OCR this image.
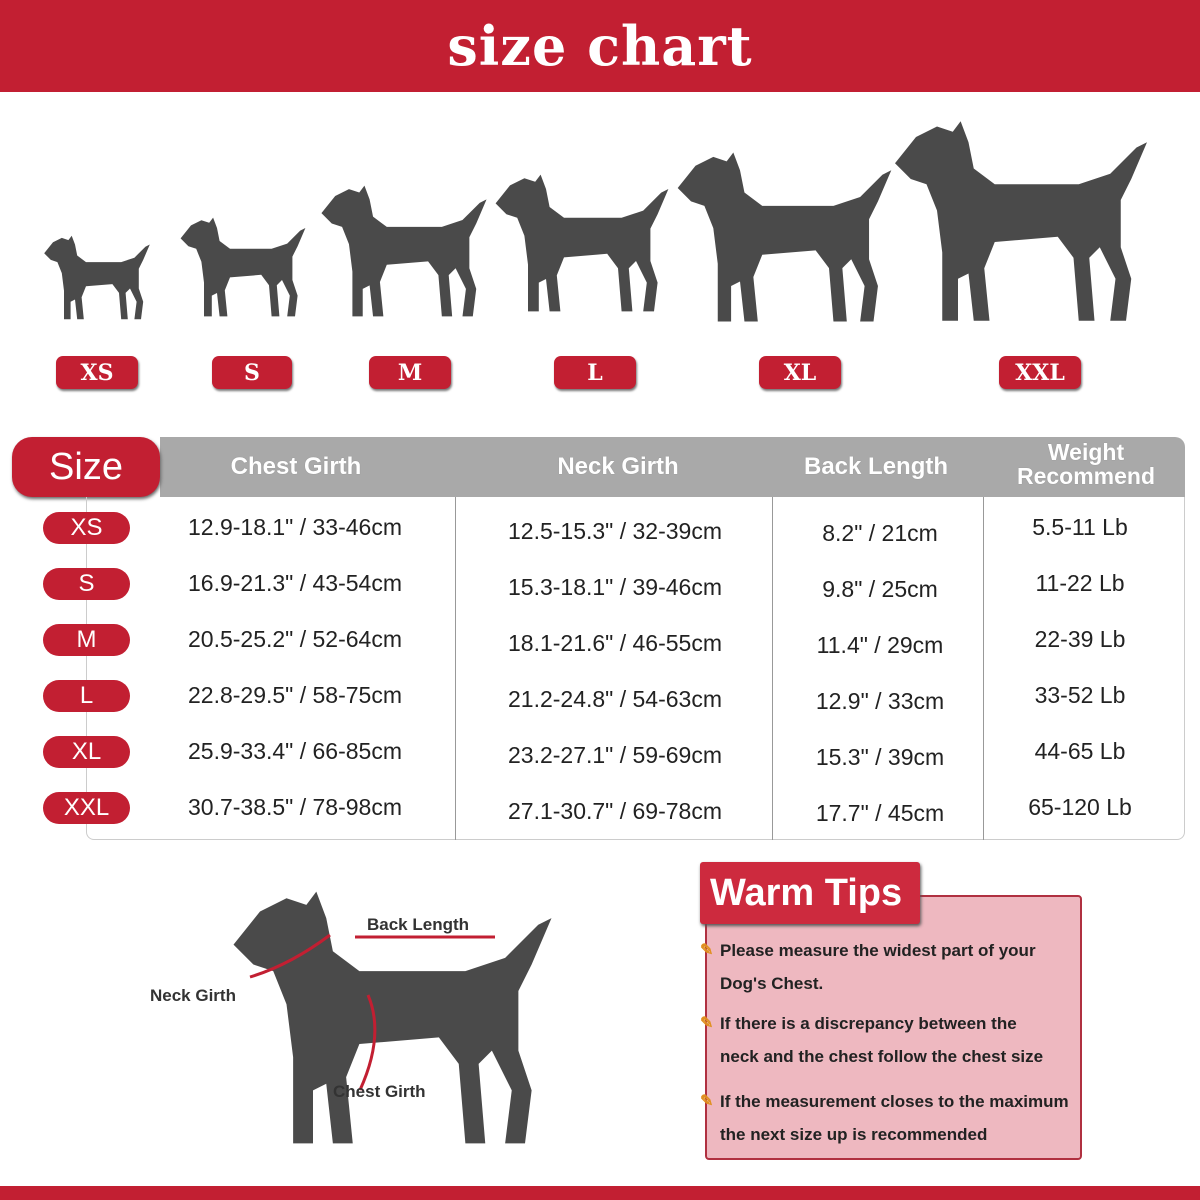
size chart
XS	S	M	L	XL	XXL
Size	Chest Girth	Neck Girth	Back Length
Weight
Recommend
XS	12.9-18.1" / 33-46cm	12.5-15.3" / 32-39cm	8.2" / 21cm	5.5-11 Lb
S	16.9-21.3" / 43-54cm	15.3-18.1" / 39-46cm	9.8" / 25cm	11-22 Lb
M	20.5-25.2" / 52-64cm	18.1-21.6" / 46-55cm	11.4" / 29cm	22-39 Lb
L	22.8-29.5" / 58-75cm	21.2-24.8" / 54-63cm	12.9" / 33cm	33-52 Lb
XL	25.9-33.4" / 66-85cm	23.2-27.1" / 59-69cm	15.3" / 39cm	44-65 Lb
XXL	30.7-38.5" / 78-98cm	27.1-30.7" / 69-78cm	17.7" / 45cm	65-120 Lb
Back Length
Neck Girth
Chest Girth
Warm Tips
✎ Please measure the widest part of your
Dog's Chest.
✎ If there is a discrepancy between the
neck and the chest follow the chest size
✎ If the measurement closes to the maximum
the next size up is recommended
